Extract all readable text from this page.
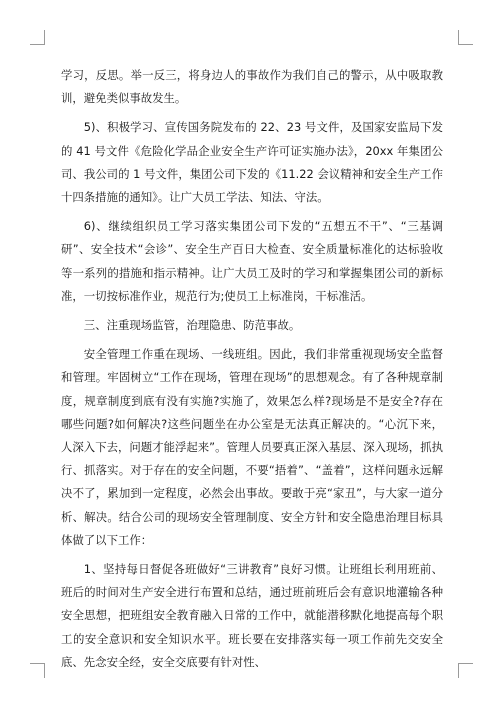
学习，反思。举一反三，将身边人的事故作为我们自己的警示，从中吸取教训，避免类似事故发生。

5)、积极学习、宣传国务院发布的 22、23 号文件，及国家安监局下发的 41 号文件《危险化学品企业安全生产许可证实施办法》，20xx 年集团公司、我公司的 1 号文件，集团公司下发的《11.22 会议精神和安全生产工作十四条措施的通知》。让广大员工学法、知法、守法。

6)、继续组织员工学习落实集团公司下发的“五想五不干”、“三基调研”、安全技术“会诊”、安全生产百日大检查、安全质量标准化的达标验收等一系列的措施和指示精神。让广大员工及时的学习和掌握集团公司的新标准，一切按标准作业，规范行为;使员工上标准岗，干标准活。

三、注重现场监管，治理隐患、防范事故。

安全管理工作重在现场、一线班组。因此，我们非常重视现场安全监督和管理。牢固树立“工作在现场，管理在现场”的思想观念。有了各种规章制度，规章制度到底有没有实施?实施了，效果怎么样?现场是不是安全?存在哪些问题?如何解决?这些问题坐在办公室是无法真正解决的。“心沉下来，人深入下去，问题才能浮起来”。管理人员要真正深入基层、深入现场，抓执行、抓落实。对于存在的安全问题，不要“捂着”、“盖着”，这样问题永远解决不了，累加到一定程度，必然会出事故。要敢于亮“家丑”，与大家一道分析、解决。结合公司的现场安全管理制度、安全方针和安全隐患治理目标具体做了以下工作：

1、坚持每日督促各班做好“三讲教育”良好习惯。让班组长利用班前、班后的时间对生产安全进行布置和总结，通过班前班后会有意识地灌输各种安全思想，把班组安全教育融入日常的工作中，就能潜移默化地提高每个职工的安全意识和安全知识水平。班长要在安排落实每一项工作前先交安全底、先念安全经，安全交底要有针对性、
